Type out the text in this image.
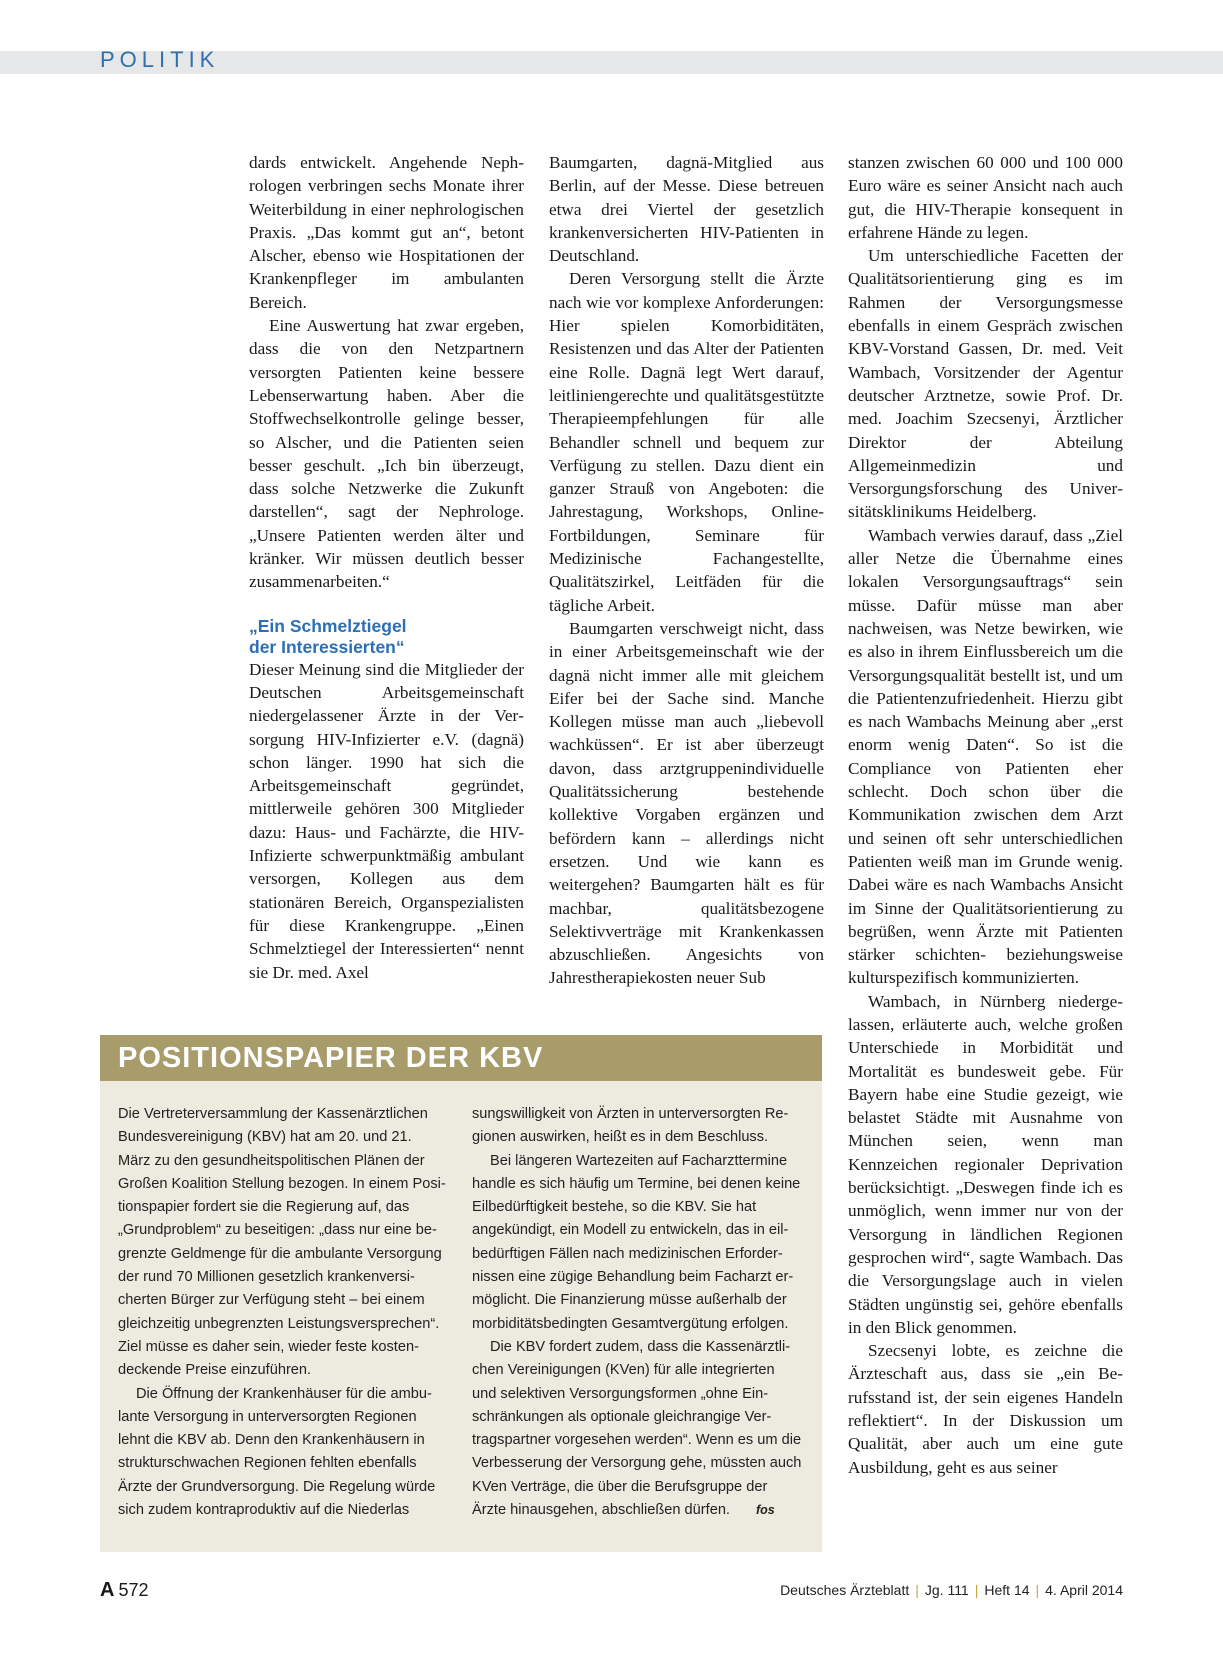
POLITIK

dards entwickelt. Angehende Nephrologen verbringen sechs Monate ihrer Weiterbildung in einer nephrologischen Praxis. „Das kommt gut an“, betont Alscher, ebenso wie Hospitationen der Krankenpfleger im ambulanten Bereich.

Eine Auswertung hat zwar ergeben, dass die von den Netzpartnern versorgten Patienten keine bessere Lebenserwartung haben. Aber die Stoffwechselkontrolle gelinge besser, so Alscher, und die Patienten seien besser geschult. „Ich bin überzeugt, dass solche Netzwerke die Zukunft darstellen“, sagt der Nephrologe. „Unsere Patienten werden älter und kränker. Wir müssen deutlich besser zusammenarbeiten.“

„Ein Schmelztiegel
der Interessierten“

Dieser Meinung sind die Mitglieder der Deutschen Arbeitsgemeinschaft niedergelassener Ärzte in der Versorgung HIV-Infizierter e.V. (dagnä) schon länger. 1990 hat sich die Arbeitsgemeinschaft gegründet, mittlerweile gehören 300 Mitglieder dazu: Haus- und Fachärzte, die HIV-Infizierte schwerpunktmäßig ambulant versorgen, Kollegen aus dem stationären Bereich, Organspezialisten für diese Krankengruppe. „Einen Schmelztiegel der Interessierten“ nennt sie Dr. med. Axel

Baumgarten, dagnä-Mitglied aus Berlin, auf der Messe. Diese betreuen etwa drei Viertel der gesetzlich krankenversicherten HIV-Patienten in Deutschland.

Deren Versorgung stellt die Ärzte nach wie vor komplexe Anforderungen: Hier spielen Komorbiditäten, Resistenzen und das Alter der Patienten eine Rolle. Dagnä legt Wert darauf, leitliniengerechte und qualitätsgestützte Therapieempfehlungen für alle Behandler schnell und bequem zur Verfügung zu stellen. Dazu dient ein ganzer Strauß von Angeboten: die Jahrestagung, Workshops, Online-Fortbildungen, Seminare für Medizinische Fachangestellte, Qualitätszirkel, Leitfäden für die tägliche Arbeit.

Baumgarten verschweigt nicht, dass in einer Arbeitsgemeinschaft wie der dagnä nicht immer alle mit gleichem Eifer bei der Sache sind. Manche Kollegen müsse man auch „liebevoll wachküssen“. Er ist aber überzeugt davon, dass arztgruppenindividuelle Qualitätssicherung bestehende kollektive Vorgaben ergänzen und befördern kann – allerdings nicht ersetzen. Und wie kann es weitergehen? Baumgarten hält es für machbar, qualitätsbezogene Selektivverträge mit Krankenkassen abzuschließen. Angesichts von Jahrestherapiekosten neuer Sub

stanzen zwischen 60 000 und 100 000 Euro wäre es seiner Ansicht nach auch gut, die HIV-Therapie konsequent in erfahrene Hände zu legen.

Um unterschiedliche Facetten der Qualitätsorientierung ging es im Rahmen der Versorgungsmesse ebenfalls in einem Gespräch zwischen KBV-Vorstand Gassen, Dr. med. Veit Wambach, Vorsitzender der Agentur deutscher Arztnetze, sowie Prof. Dr. med. Joachim Szecsenyi, Ärztlicher Direktor der Abteilung Allgemeinmedizin und Versorgungsforschung des Universitätsklinikums Heidelberg.

Wambach verwies darauf, dass „Ziel aller Netze die Übernahme eines lokalen Versorgungsauftrags“ sein müsse. Dafür müsse man aber nachweisen, was Netze bewirken, wie es also in ihrem Einflussbereich um die Versorgungsqualität bestellt ist, und um die Patientenzufriedenheit. Hierzu gibt es nach Wambachs Meinung aber „erst enorm wenig Daten“. So ist die Compliance von Patienten eher schlecht. Doch schon über die Kommunikation zwischen dem Arzt und seinen oft sehr unterschiedlichen Patienten weiß man im Grunde wenig. Dabei wäre es nach Wambachs Ansicht im Sinne der Qualitätsorientierung zu begrüßen, wenn Ärzte mit Patienten stärker schichten- beziehungsweise kulturspezifisch kommunizierten.

Wambach, in Nürnberg niedergelassen, erläuterte auch, welche großen Unterschiede in Morbidität und Mortalität es bundesweit gebe. Für Bayern habe eine Studie gezeigt, wie belastet Städte mit Ausnahme von München seien, wenn man Kennzeichen regionaler Deprivation berücksichtigt. „Deswegen finde ich es unmöglich, wenn immer nur von der Versorgung in ländlichen Regionen gesprochen wird“, sagte Wambach. Das die Versorgungslage auch in vielen Städten ungünstig sei, gehöre ebenfalls in den Blick genommen.

Szecsenyi lobte, es zeichne die Ärzteschaft aus, dass sie „ein Berufsstand ist, der sein eigenes Handeln reflektiert“. In der Diskussion um Qualität, aber auch um eine gute Ausbildung, geht es aus seiner

POSITIONSPAPIER DER KBV

Die Vertreterversammlung der Kassenärztlichen Bundesvereinigung (KBV) hat am 20. und 21. März zu den gesundheitspolitischen Plänen der Großen Koalition Stellung bezogen. In einem Positionspapier fordert sie die Regierung auf, das „Grundproblem“ zu beseitigen: „dass nur eine begrenzte Geldmenge für die ambulante Versorgung der rund 70 Millionen gesetzlich krankenversicherten Bürger zur Verfügung steht – bei einem gleichzeitig unbegrenzten Leistungsversprechen“. Ziel müsse es daher sein, wieder feste kostendeckende Preise einzuführen.

Die Öffnung der Krankenhäuser für die ambulante Versorgung in unterversorgten Regionen lehnt die KBV ab. Denn den Krankenhäusern in strukturschwachen Regionen fehlten ebenfalls Ärzte der Grundversorgung. Die Regelung würde sich zudem kontraproduktiv auf die Niederlas

sungswilligkeit von Ärzten in unterversorgten Regionen auswirken, heißt es in dem Beschluss.

Bei längeren Wartezeiten auf Facharzttermine handle es sich häufig um Termine, bei denen keine Eilbedürftigkeit bestehe, so die KBV. Sie hat angekündigt, ein Modell zu entwickeln, das in eilbedürftigen Fällen nach medizinischen Erfordernissen eine zügige Behandlung beim Facharzt ermöglicht. Die Finanzierung müsse außerhalb der morbiditätsbedingten Gesamtvergütung erfolgen.

Die KBV fordert zudem, dass die Kassenärztlichen Vereinigungen (KVen) für alle integrierten und selektiven Versorgungsformen „ohne Einschränkungen als optionale gleichrangige Vertragspartner vorgesehen werden“. Wenn es um die Verbesserung der Versorgung gehe, müssten auch KVen Verträge, die über die Berufsgruppe der Ärzte hinausgehen, abschließen dürfen. fos

A 572	Deutsches Ärzteblatt | Jg. 111 | Heft 14 | 4. April 2014
